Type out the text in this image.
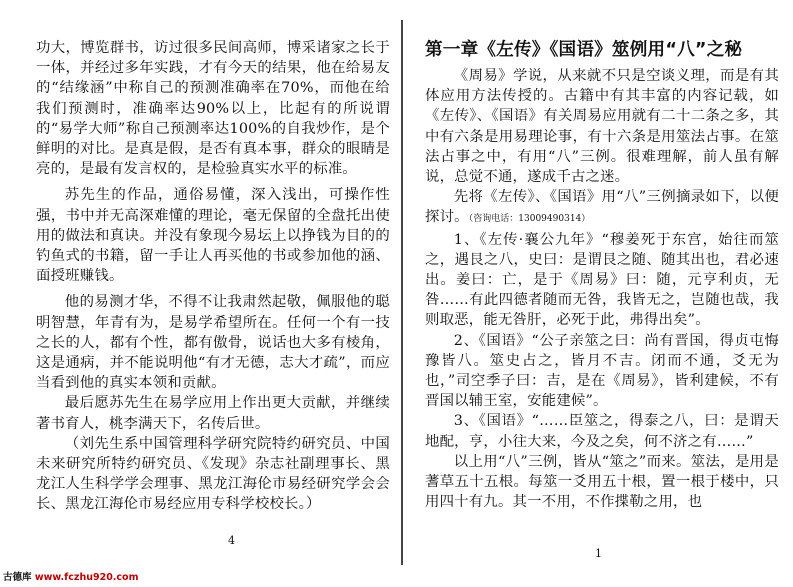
功大，博览群书，访过很多民间高师，博采诸家之长于一体，并经过多年实践，才有今天的结果，他在给易友的“结缘涵”中称自己的预测准确率在70%，而他在给我们预测时，准确率达90%以上，比起有的所说谓的“易学大师”称自己预测率达100%的自我炒作，是个鲜明的对比。是真是假，是否有真本事，群众的眼睛是亮的，是最有发言权的，是检验真实水平的标准。

苏先生的作品，通俗易懂，深入浅出，可操作性强，书中并无高深难懂的理论，毫无保留的全盘托出使用的做法和真诀。并没有象现今易坛上以挣钱为目的的钓鱼式的书籍，留一手让人再买他的书或参加他的涵、面授班赚钱。

他的易测才华，不得不让我肃然起敬，佩服他的聪明智慧，年青有为，是易学希望所在。任何一个有一技之长的人，都有个性，都有傲骨，说话也大多有棱角，这是通病，并不能说明他“有才无德，志大才疏”，而应当看到他的真实本领和贡献。

最后愿苏先生在易学应用上作出更大贡献，并继续著书育人，桃李满天下，名传后世。

（刘先生系中国管理科学研究院特约研究员、中国未来研究所特约研究员、《发现》杂志社副理事长、黑龙江人生科学学会理事、黑龙江海伦市易经研究学会会长、黑龙江海伦市易经应用专科学校校长。）

4
第一章《左传》《国语》筮例用“八”之秘

《周易》学说，从来就不只是空谈义理，而是有其体应用方法传授的。古籍中有其丰富的内容记载，如《左传》、《国语》有关周易应用就有二十二条之多，其中有六条是用易理论事，有十六条是用筮法占事。在筮法占事之中，有用“八”三例。很难理解，前人虽有解说，总觉不通，遂成千古之迷。

先将《左传》、《国语》用“八”三例摘录如下，以便探讨。（咨询电话：13009490314）

1、《左传·襄公九年》“穆姜死于东宫，始往而筮之，遇艮之八，史曰：是谓艮之随、随其出也，君必速出。姜曰：亡，是于《周易》曰：随，元亨利贞，无咎……有此四德者随而无咎，我皆无之，岂随也哉，我则取恶，能无咎肝，必死于此，弗得出矣”。

2、《国语》“公子亲筮之曰：尚有晋国，得贞屯悔豫皆八。筮史占之，皆月不吉。闭而不通，爻无为也，”司空季子曰：吉，是在《周易》，皆利建候，不有晋国以辅王室，安能建候”。

3、《国语》“……臣筮之，得泰之八，曰：是谓天地配，亨，小往大来，今及之矣，何不济之有……”

以上用“八”三例，皆从“筮之”而来。筮法，是用是蓍草五十五根。每筮一爻用五十根，置一根于楼中，只用四十有九。其一不用，不作揲勒之用，也

1
古德库 www.fczhu920.com
